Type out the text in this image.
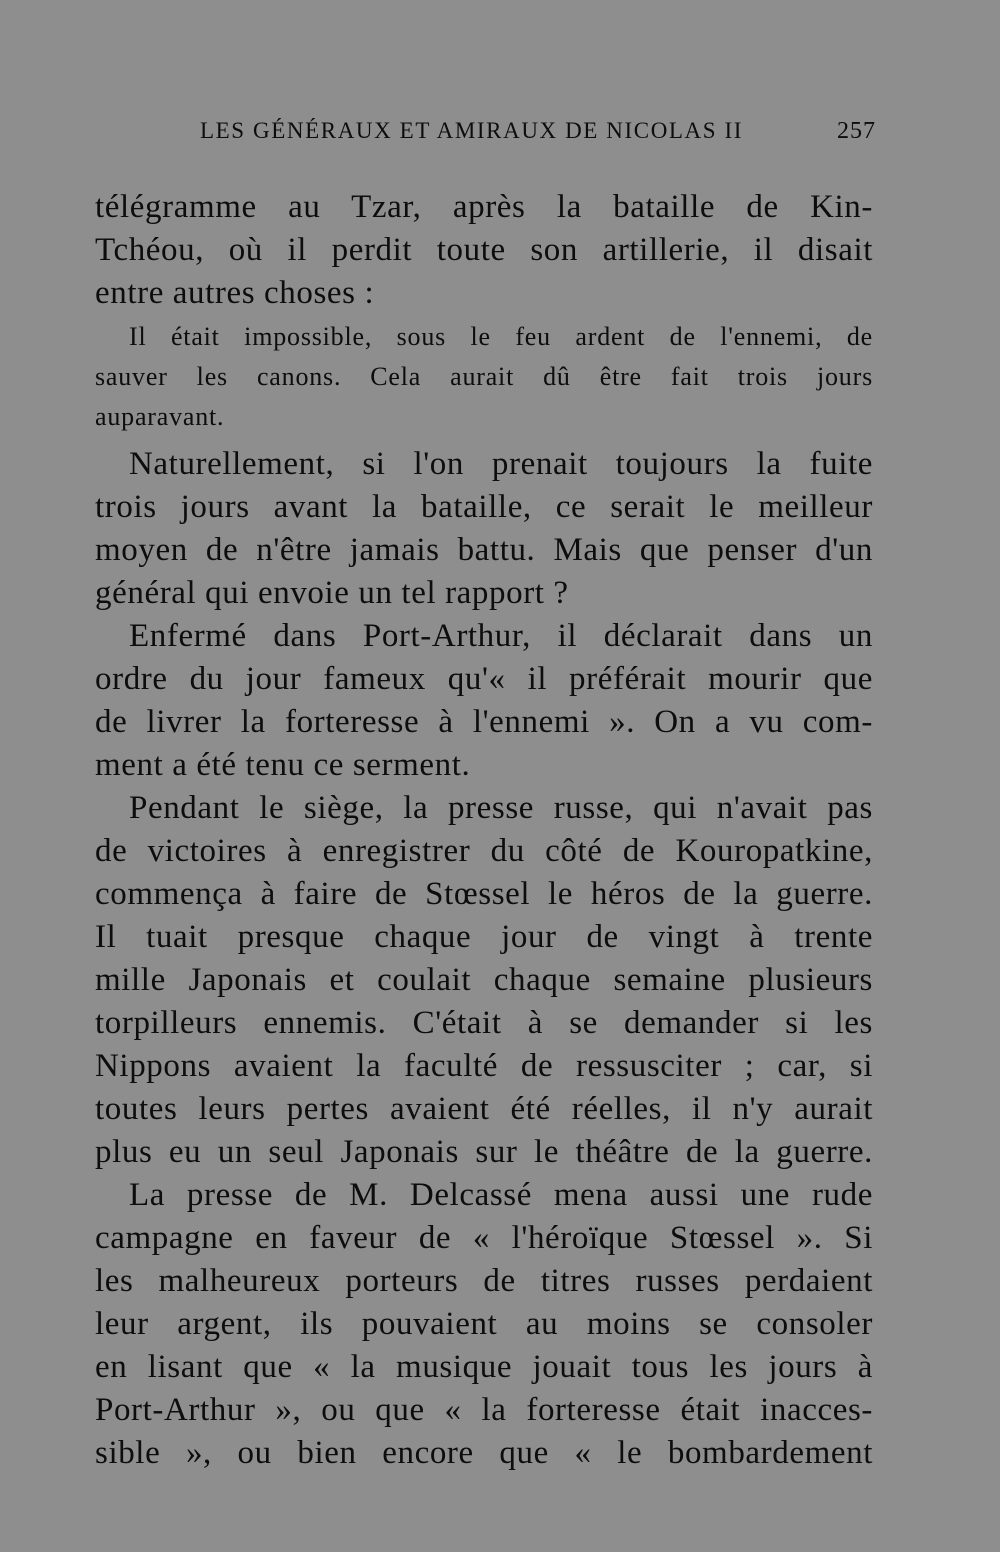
LES GÉNÉRAUX ET AMIRAUX DE NICOLAS II	257
télégramme au Tzar, après la bataille de Kin-
Tchéou, où il perdit toute son artillerie, il disait
entre autres choses :
Il était impossible, sous le feu ardent de l'ennemi, de
sauver les canons. Cela aurait dû être fait trois jours
auparavant.
Naturellement, si l'on prenait toujours la fuite
trois jours avant la bataille, ce serait le meilleur
moyen de n'être jamais battu. Mais que penser d'un
général qui envoie un tel rapport ?
Enfermé dans Port-Arthur, il déclarait dans un
ordre du jour fameux qu'« il préférait mourir que
de livrer la forteresse à l'ennemi ». On a vu com-
ment a été tenu ce serment.
Pendant le siège, la presse russe, qui n'avait pas
de victoires à enregistrer du côté de Kouropatkine,
commença à faire de Stœssel le héros de la guerre.
Il tuait presque chaque jour de vingt à trente
mille Japonais et coulait chaque semaine plusieurs
torpilleurs ennemis. C'était à se demander si les
Nippons avaient la faculté de ressusciter ; car, si
toutes leurs pertes avaient été réelles, il n'y aurait
plus eu un seul Japonais sur le théâtre de la guerre.
La presse de M. Delcassé mena aussi une rude
campagne en faveur de « l'héroïque Stœssel ». Si
les malheureux porteurs de titres russes perdaient
leur argent, ils pouvaient au moins se consoler
en lisant que « la musique jouait tous les jours à
Port-Arthur », ou que « la forteresse était inacces-
sible », ou bien encore que « le bombardement
